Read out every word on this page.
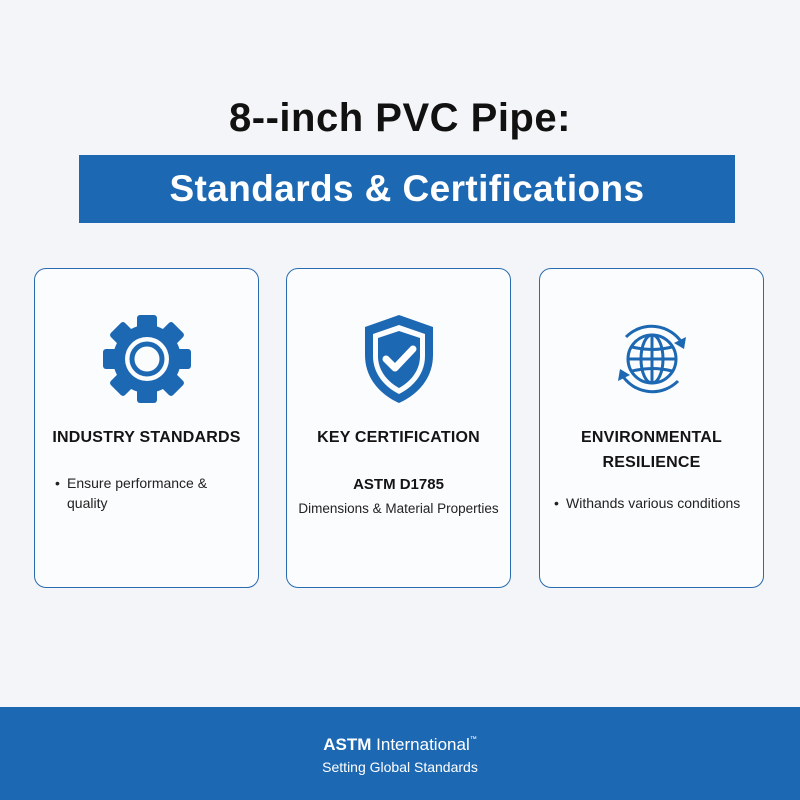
8--inch PVC Pipe:
Standards & Certifications
INDUSTRY STANDARDS
• Ensure performance & quality
KEY CERTIFICATION
ASTM D1785
Dimensions & Material Properties
ENVIRONMENTAL
RESILIENCE
• Withands various conditions
ASTM International™
Setting Global Standards
